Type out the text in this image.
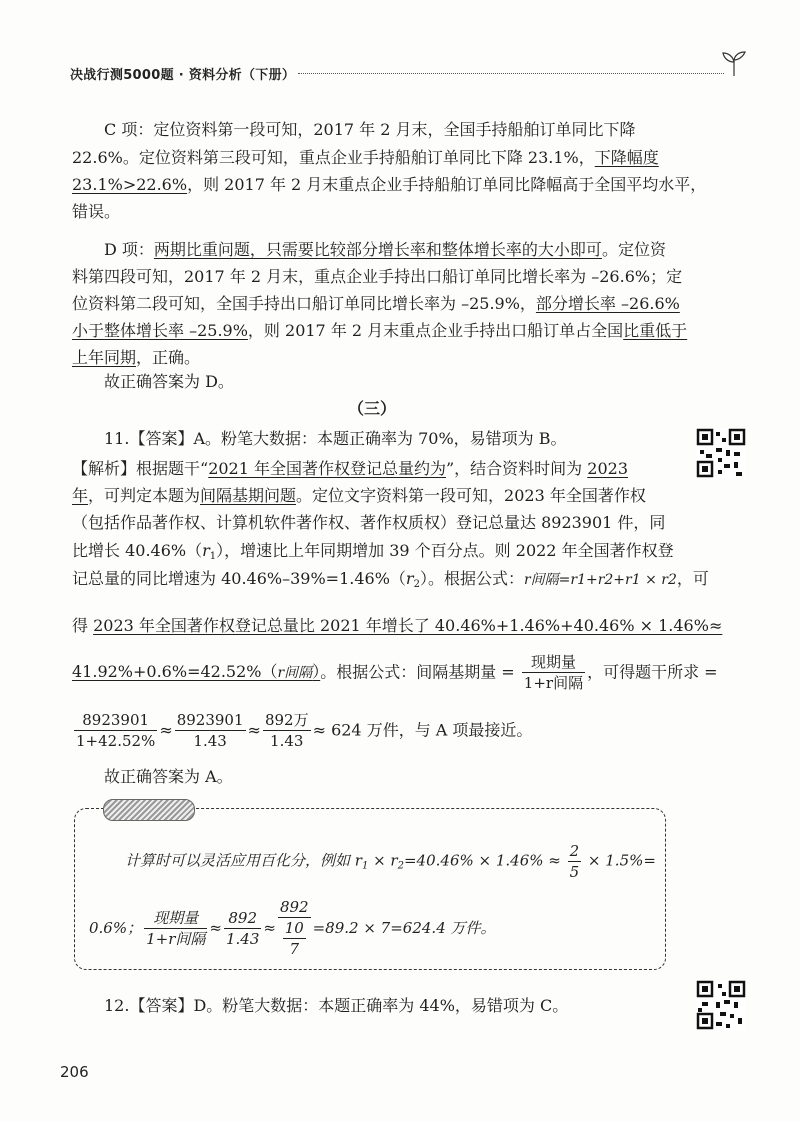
决战行测5000题 · 资料分析（下册）
C 项：定位资料第一段可知，2017 年 2 月末，全国手持船舶订单同比下降
22.6%。定位资料第三段可知，重点企业手持船舶订单同比下降 23.1%，下降幅度
23.1%>22.6%，则 2017 年 2 月末重点企业手持船舶订单同比降幅高于全国平均水平，
错误。
D 项：两期比重问题，只需要比较部分增长率和整体增长率的大小即可。定位资
料第四段可知，2017 年 2 月末，重点企业手持出口船订单同比增长率为 –26.6%；定
位资料第二段可知，全国手持出口船订单同比增长率为 –25.9%，部分增长率 –26.6%
小于整体增长率 –25.9%，则 2017 年 2 月末重点企业手持出口船订单占全国比重低于
上年同期，正确。
故正确答案为 D。
（三）
11.【答案】A。粉笔大数据：本题正确率为 70%，易错项为 B。
【解析】根据题干“2021 年全国著作权登记总量约为”，结合资料时间为 2023
年，可判定本题为间隔基期问题。定位文字资料第一段可知，2023 年全国著作权
（包括作品著作权、计算机软件著作权、著作权质权）登记总量达 8923901 件，同
比增长 $40.46\%(r_1)$，增速比上年同期增加 39 个百分点。则 2022 年全国著作权登
记总量的同比增速为 $40.46\%-39\%=1.46\%(r_2)$。根据公式：r间隔=r1+r2+r1 × r2，可
得 2023 年全国著作权登记总量比 2021 年增长了 40.46%+1.46%+40.46% × 1.46%≈
41.92%+0.6%=42.52%（r间隔）。根据公式：间隔基期量 = $\frac{\text{现期量}}{\text{1+r间隔}}$ ，可得题干所求 =
$\frac{8923901}{1+42.52\%} \approx \frac{8923901}{1.43} \approx \frac{\text{892万}}{1.43} \approx 624$ 万件，与 A 项最接近。
故正确答案为 A。
计算时可以灵活应用百化分，例如 $r_1 \times r_2=40.46\% \times 1.46\% \approx \frac{2}{5} \times 1.5\%=$
0.6%； $\frac{\text{现期量}}{\text{1+r间隔}} \approx \frac{892}{1.43} \approx \frac{892}{\frac{10}{7}} =89.2 \times 7=624.4$ 万件。
12.【答案】D。粉笔大数据：本题正确率为 44%，易错项为 C。
206
